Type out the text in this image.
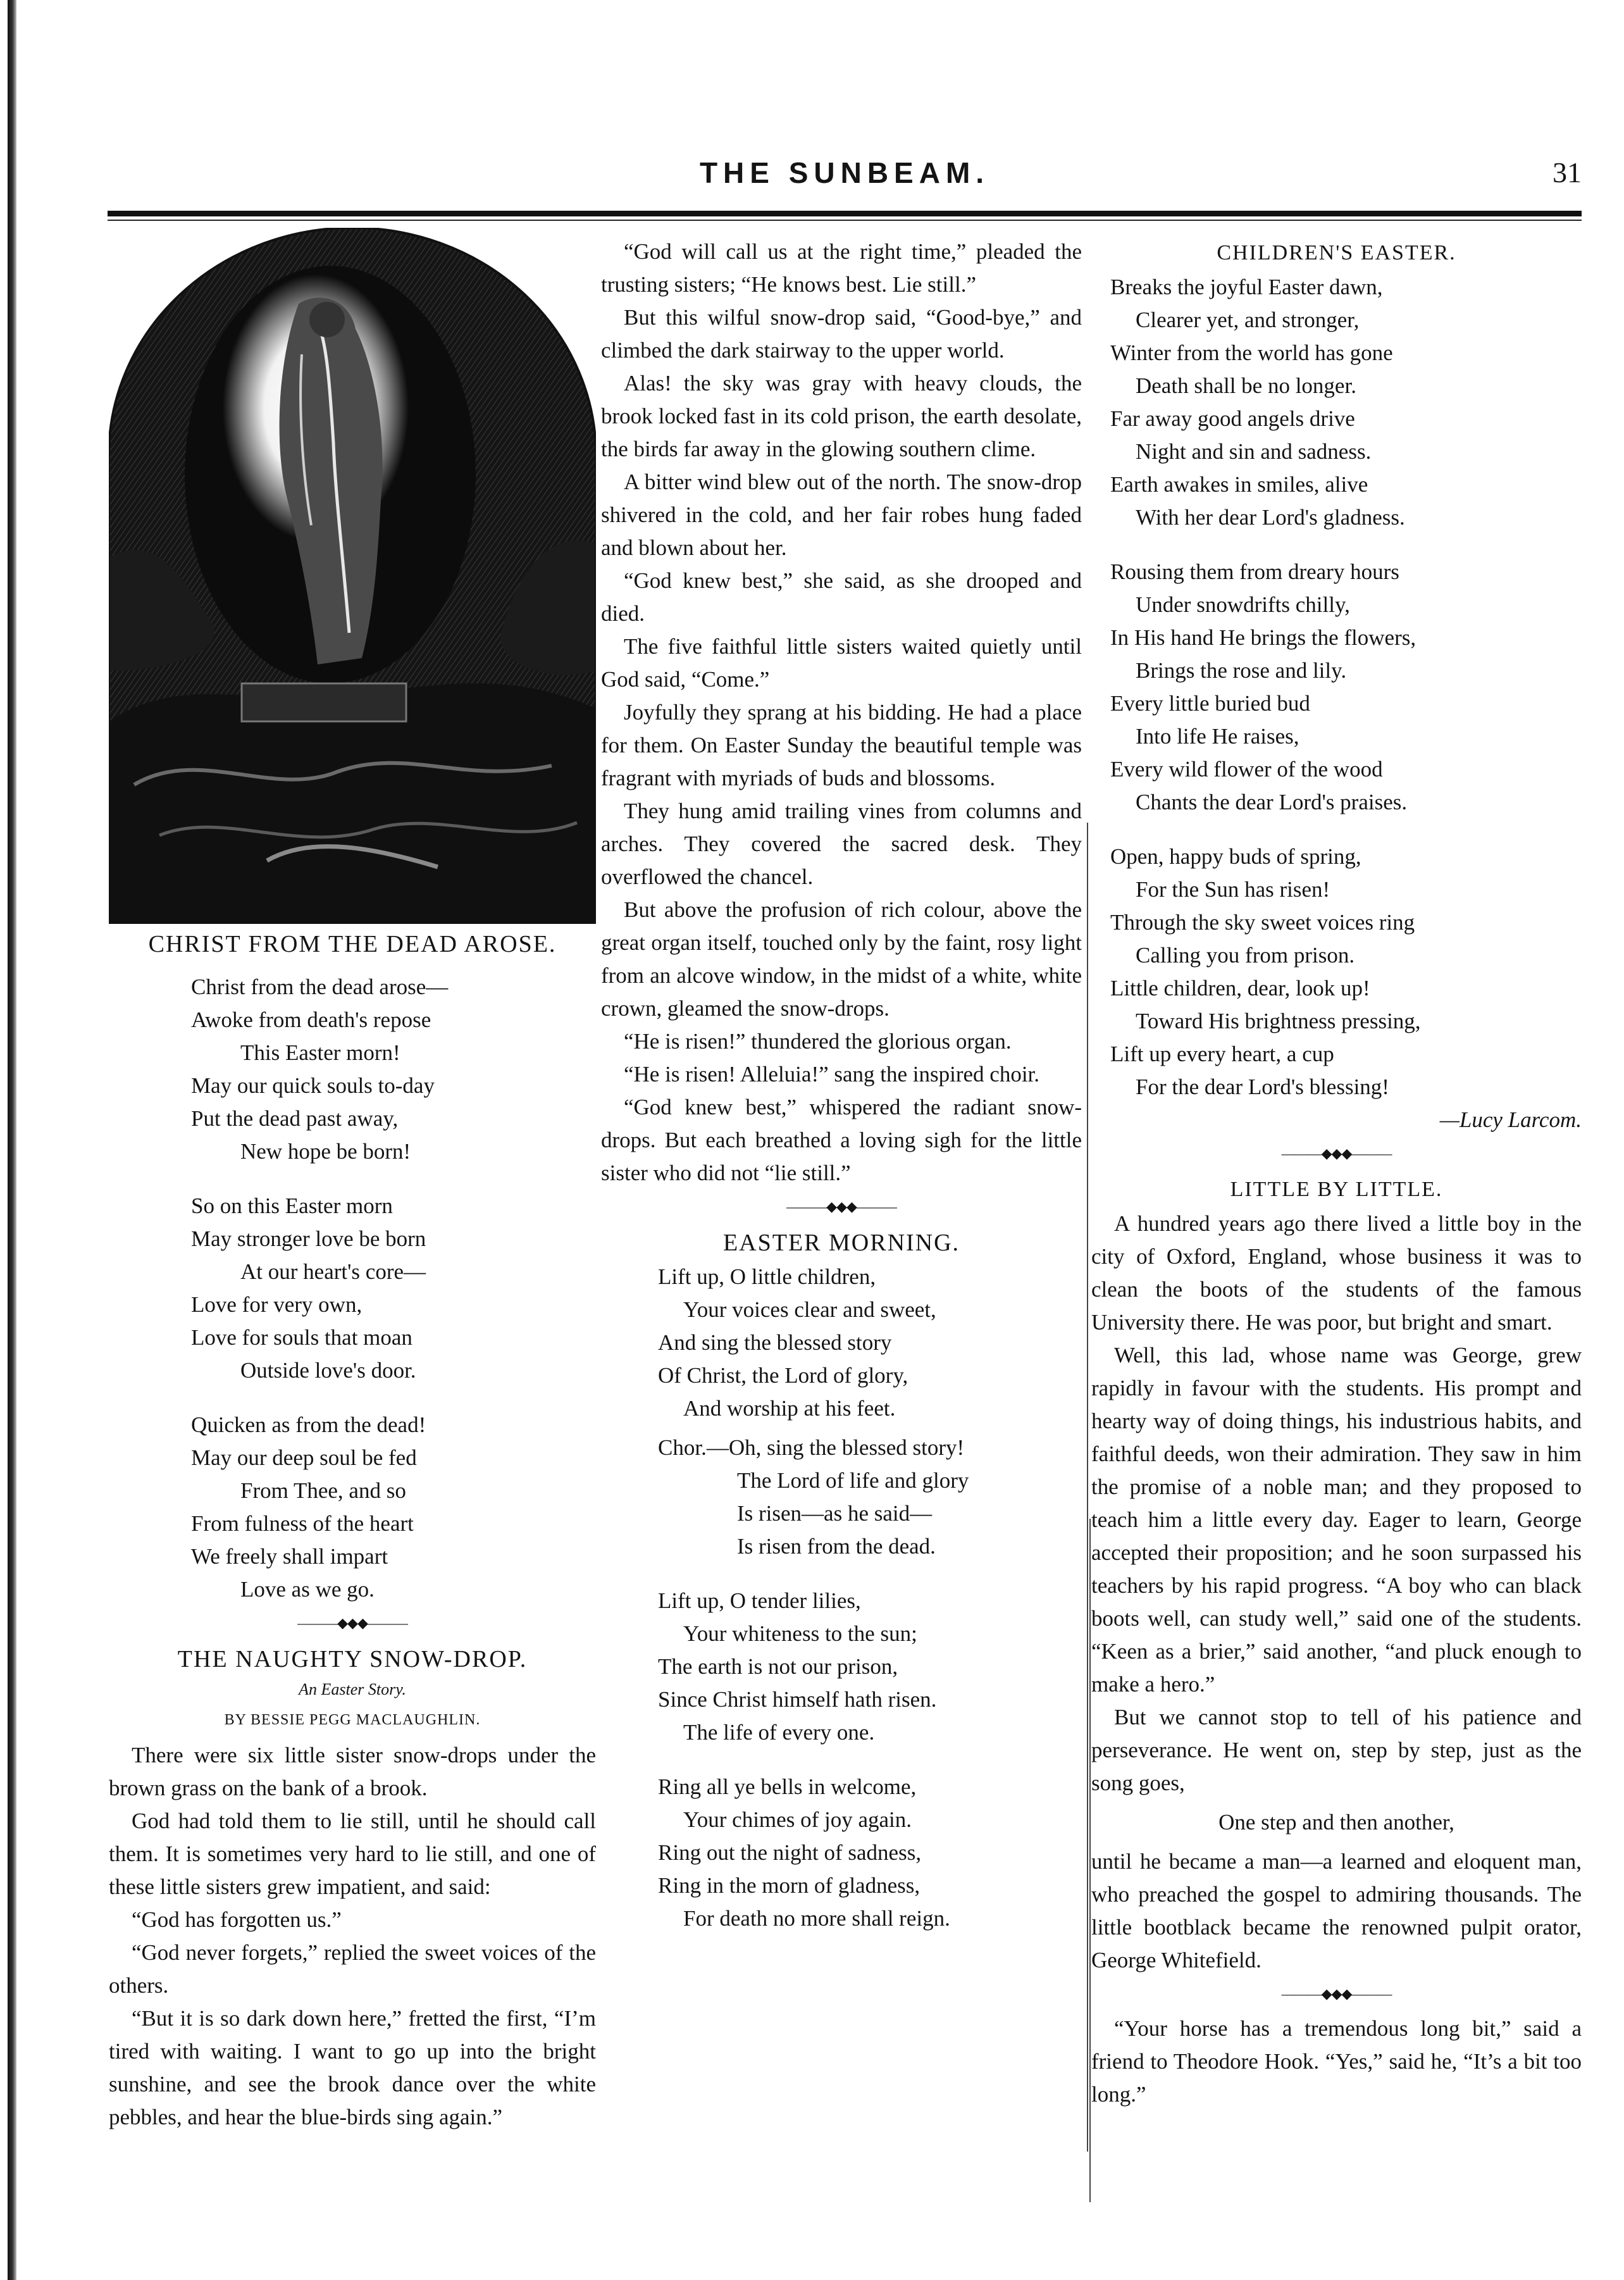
THE SUNBEAM.	31
CHRIST FROM THE DEAD AROSE.
Christ from the dead arose—
Awoke from death's repose
This Easter morn!
May our quick souls to-day
Put the dead past away,
New hope be born!
So on this Easter morn
May stronger love be born
At our heart's core—
Love for very own,
Love for souls that moan
Outside love's door.
Quicken as from the dead!
May our deep soul be fed
From Thee, and so
From fulness of the heart
We freely shall impart
Love as we go.
———◆◆◆———
THE NAUGHTY SNOW-DROP.
An Easter Story.
BY BESSIE PEGG MACLAUGHLIN.

There were six little sister snow-drops under the brown grass on the bank of a brook.

God had told them to lie still, until he should call them. It is sometimes very hard to lie still, and one of these little sisters grew impatient, and said:

“God has forgotten us.”

“God never forgets,” replied the sweet voices of the others.

“But it is so dark down here,” fretted the first, “I’m tired with waiting. I want to go up into the bright sunshine, and see the brook dance over the white pebbles, and hear the blue-birds sing again.”

“God will call us at the right time,” pleaded the trusting sisters; “He knows best. Lie still.”

But this wilful snow-drop said, “Good-bye,” and climbed the dark stairway to the upper world.

Alas! the sky was gray with heavy clouds, the brook locked fast in its cold prison, the earth desolate, the birds far away in the glowing southern clime.

A bitter wind blew out of the north. The snow-drop shivered in the cold, and her fair robes hung faded and blown about her.

“God knew best,” she said, as she drooped and died.

The five faithful little sisters waited quietly until God said, “Come.”

Joyfully they sprang at his bidding. He had a place for them. On Easter Sunday the beautiful temple was fragrant with myriads of buds and blossoms.

They hung amid trailing vines from columns and arches. They covered the sacred desk. They overflowed the chancel.

But above the profusion of rich colour, above the great organ itself, touched only by the faint, rosy light from an alcove window, in the midst of a white, white crown, gleamed the snow-drops.

“He is risen!” thundered the glorious organ.

“He is risen! Alleluia!” sang the inspired choir.

“God knew best,” whispered the radiant snow-drops. But each breathed a loving sigh for the little sister who did not “lie still.”

———◆◆◆———
EASTER MORNING.
Lift up, O little children,
Your voices clear and sweet,
And sing the blessed story
Of Christ, the Lord of glory,
And worship at his feet.
Chor.—Oh, sing the blessed story!
The Lord of life and glory
Is risen—as he said—
Is risen from the dead.
Lift up, O tender lilies,
Your whiteness to the sun;
The earth is not our prison,
Since Christ himself hath risen.
The life of every one.
Ring all ye bells in welcome,
Your chimes of joy again.
Ring out the night of sadness,
Ring in the morn of gladness,
For death no more shall reign.
CHILDREN'S EASTER.
Breaks the joyful Easter dawn,
Clearer yet, and stronger,
Winter from the world has gone
Death shall be no longer.
Far away good angels drive
Night and sin and sadness.
Earth awakes in smiles, alive
With her dear Lord's gladness.
Rousing them from dreary hours
Under snowdrifts chilly,
In His hand He brings the flowers,
Brings the rose and lily.
Every little buried bud
Into life He raises,
Every wild flower of the wood
Chants the dear Lord's praises.
Open, happy buds of spring,
For the Sun has risen!
Through the sky sweet voices ring
Calling you from prison.
Little children, dear, look up!
Toward His brightness pressing,
Lift up every heart, a cup
For the dear Lord's blessing!
—Lucy Larcom.
———◆◆◆———
LITTLE BY LITTLE.

A hundred years ago there lived a little boy in the city of Oxford, England, whose business it was to clean the boots of the students of the famous University there. He was poor, but bright and smart.

Well, this lad, whose name was George, grew rapidly in favour with the students. His prompt and hearty way of doing things, his industrious habits, and faithful deeds, won their admiration. They saw in him the promise of a noble man; and they proposed to teach him a little every day. Eager to learn, George accepted their proposition; and he soon surpassed his teachers by his rapid progress. “A boy who can black boots well, can study well,” said one of the students. “Keen as a brier,” said another, “and pluck enough to make a hero.”

But we cannot stop to tell of his patience and perseverance. He went on, step by step, just as the song goes,

One step and then another,

until he became a man—a learned and eloquent man, who preached the gospel to admiring thousands. The little bootblack became the renowned pulpit orator, George Whitefield.

———◆◆◆———

“Your horse has a tremendous long bit,” said a friend to Theodore Hook. “Yes,” said he, “It’s a bit too long.”
